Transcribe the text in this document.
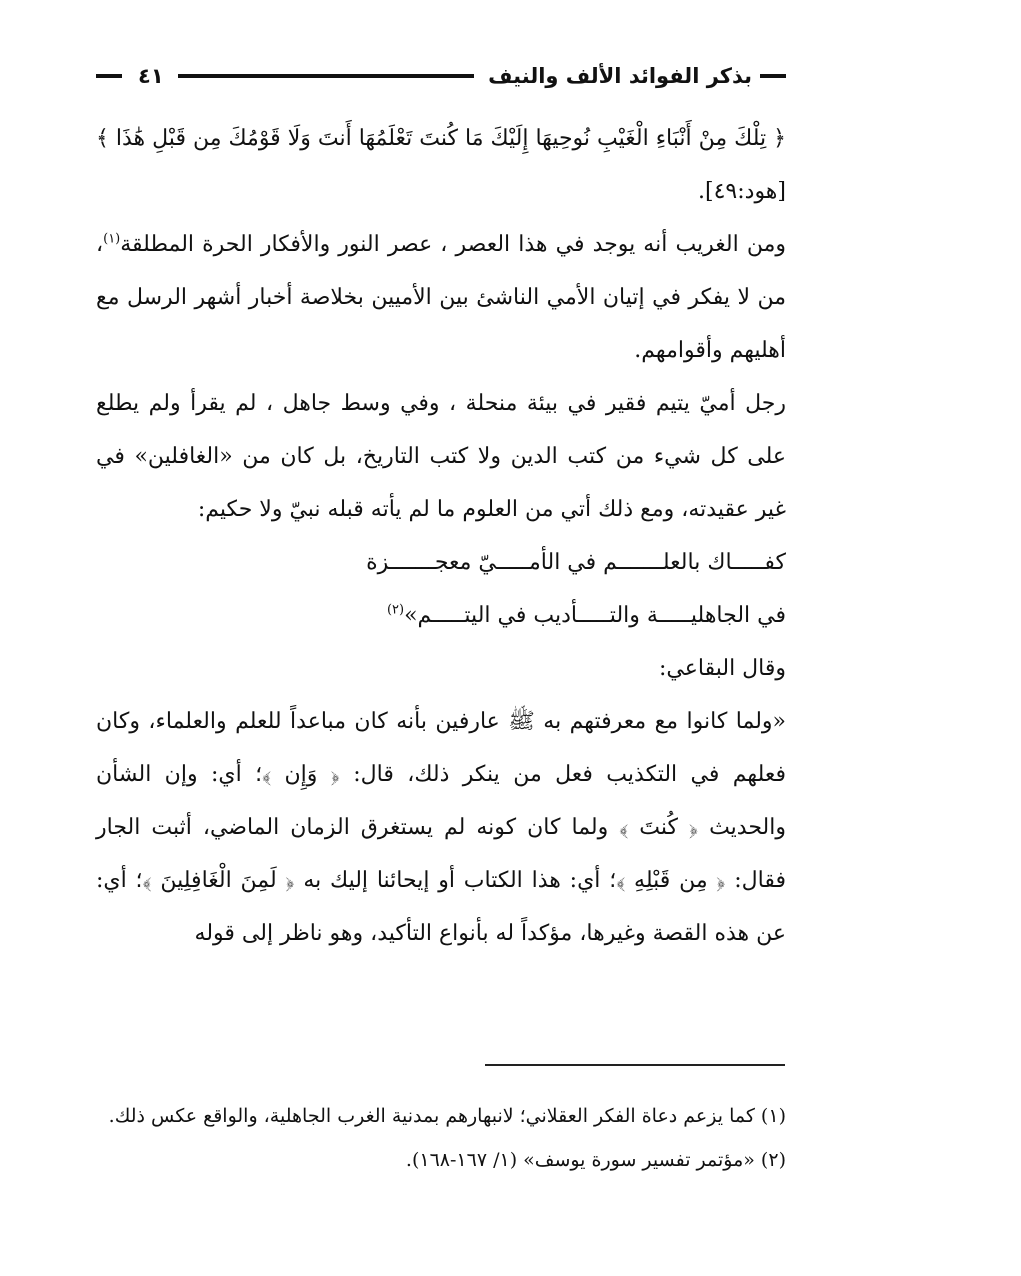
بذكر الفوائد الألف والنيف
٤١

﴿ تِلْكَ مِنْ أَنْبَاءِ الْغَيْبِ نُوحِيهَا إِلَيْكَ مَا كُنتَ تَعْلَمُهَا أَنتَ وَلَا قَوْمُكَ مِن قَبْلِ هَٰذَا ﴾ [هود:٤٩].

ومن الغريب أنه يوجد في هذا العصر ، عصر النور والأفكار الحرة المطلقة$^{(١)}$، من لا يفكر في إتيان الأمي الناشئ بين الأميين بخلاصة أخبار أشهر الرسل مع أهليهم وأقوامهم.

رجل أميّ يتيم فقير في بيئة منحلة ، وفي وسط جاهل ، لم يقرأ ولم يطلع على كل شيء من كتب الدين ولا كتب التاريخ، بل كان من «الغافلين» في غير عقيدته، ومع ذلك أتي من العلوم ما لم يأته قبله نبيّ ولا حكيم:

كفـــــاك بالعلـــــــم في الأمـــــيّ معجـــــــزة
في الجاهليـــــة والتـــــأديب في اليتـــــم»$^{(٢)}$

وقال البقاعي:

«ولما كانوا مع معرفتهم به ﷺ عارفين بأنه كان مباعداً للعلم والعلماء، وكان فعلهم في التكذيب فعل من ينكر ذلك، قال: ﴿ وَإِن ﴾؛ أي: وإن الشأن والحديث ﴿ كُنتَ ﴾ ولما كان كونه لم يستغرق الزمان الماضي، أثبت الجار فقال: ﴿ مِن قَبْلِهِ ﴾؛ أي: هذا الكتاب أو إيحائنا إليك به ﴿ لَمِنَ الْغَافِلِينَ ﴾؛ أي: عن هذه القصة وغيرها، مؤكداً له بأنواع التأكيد، وهو ناظر إلى قوله

(١) كما يزعم دعاة الفكر العقلاني؛ لانبهارهم بمدنية الغرب الجاهلية، والواقع عكس ذلك.

(٢) «مؤتمر تفسير سورة يوسف» (١/ ١٦٧-١٦٨).
